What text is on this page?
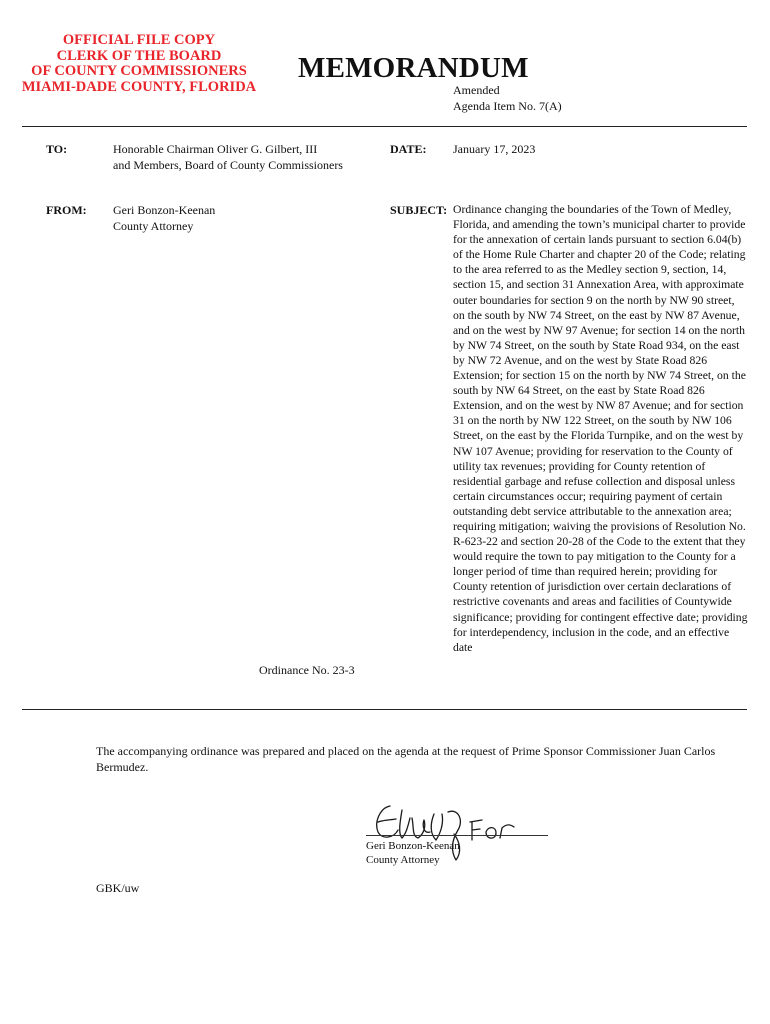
OFFICIAL FILE COPY
CLERK OF THE BOARD
OF COUNTY COMMISSIONERS
MIAMI-DADE COUNTY, FLORIDA
MEMORANDUM
Amended
Agenda Item No. 7(A)
TO:	Honorable Chairman Oliver G. Gilbert, III
and Members, Board of County Commissioners
DATE: January 17, 2023
FROM: Geri Bonzon-Keenan
County Attorney
SUBJECT: Ordinance changing the boundaries of the Town of Medley, Florida, and amending the town’s municipal charter to provide for the annexation of certain lands pursuant to section 6.04(b) of the Home Rule Charter and chapter 20 of the Code; relating to the area referred to as the Medley section 9, section, 14, section 15, and section 31 Annexation Area, with approximate outer boundaries for section 9 on the north by NW 90 street, on the south by NW 74 Street, on the east by NW 87 Avenue, and on the west by NW 97 Avenue; for section 14 on the north by NW 74 Street, on the south by State Road 934, on the east by NW 72 Avenue, and on the west by State Road 826 Extension; for section 15 on the north by NW 74 Street, on the south by NW 64 Street, on the east by State Road 826 Extension, and on the west by NW 87 Avenue; and for section 31 on the north by NW 122 Street, on the south by NW 106 Street, on the east by the Florida Turnpike, and on the west by NW 107 Avenue; providing for reservation to the County of utility tax revenues; providing for County retention of residential garbage and refuse collection and disposal unless certain circumstances occur; requiring payment of certain outstanding debt service attributable to the annexation area; requiring mitigation; waiving the provisions of Resolution No. R-623-22 and section 20-28 of the Code to the extent that they would require the town to pay mitigation to the County for a longer period of time than required herein; providing for County retention of jurisdiction over certain declarations of restrictive covenants and areas and facilities of Countywide significance; providing for contingent effective date; providing for interdependency, inclusion in the code, and an effective date
Ordinance No. 23-3
The accompanying ordinance was prepared and placed on the agenda at the request of Prime Sponsor Commissioner Juan Carlos Bermudez.
Geri Bonzon-Keenan
County Attorney
GBK/uw
